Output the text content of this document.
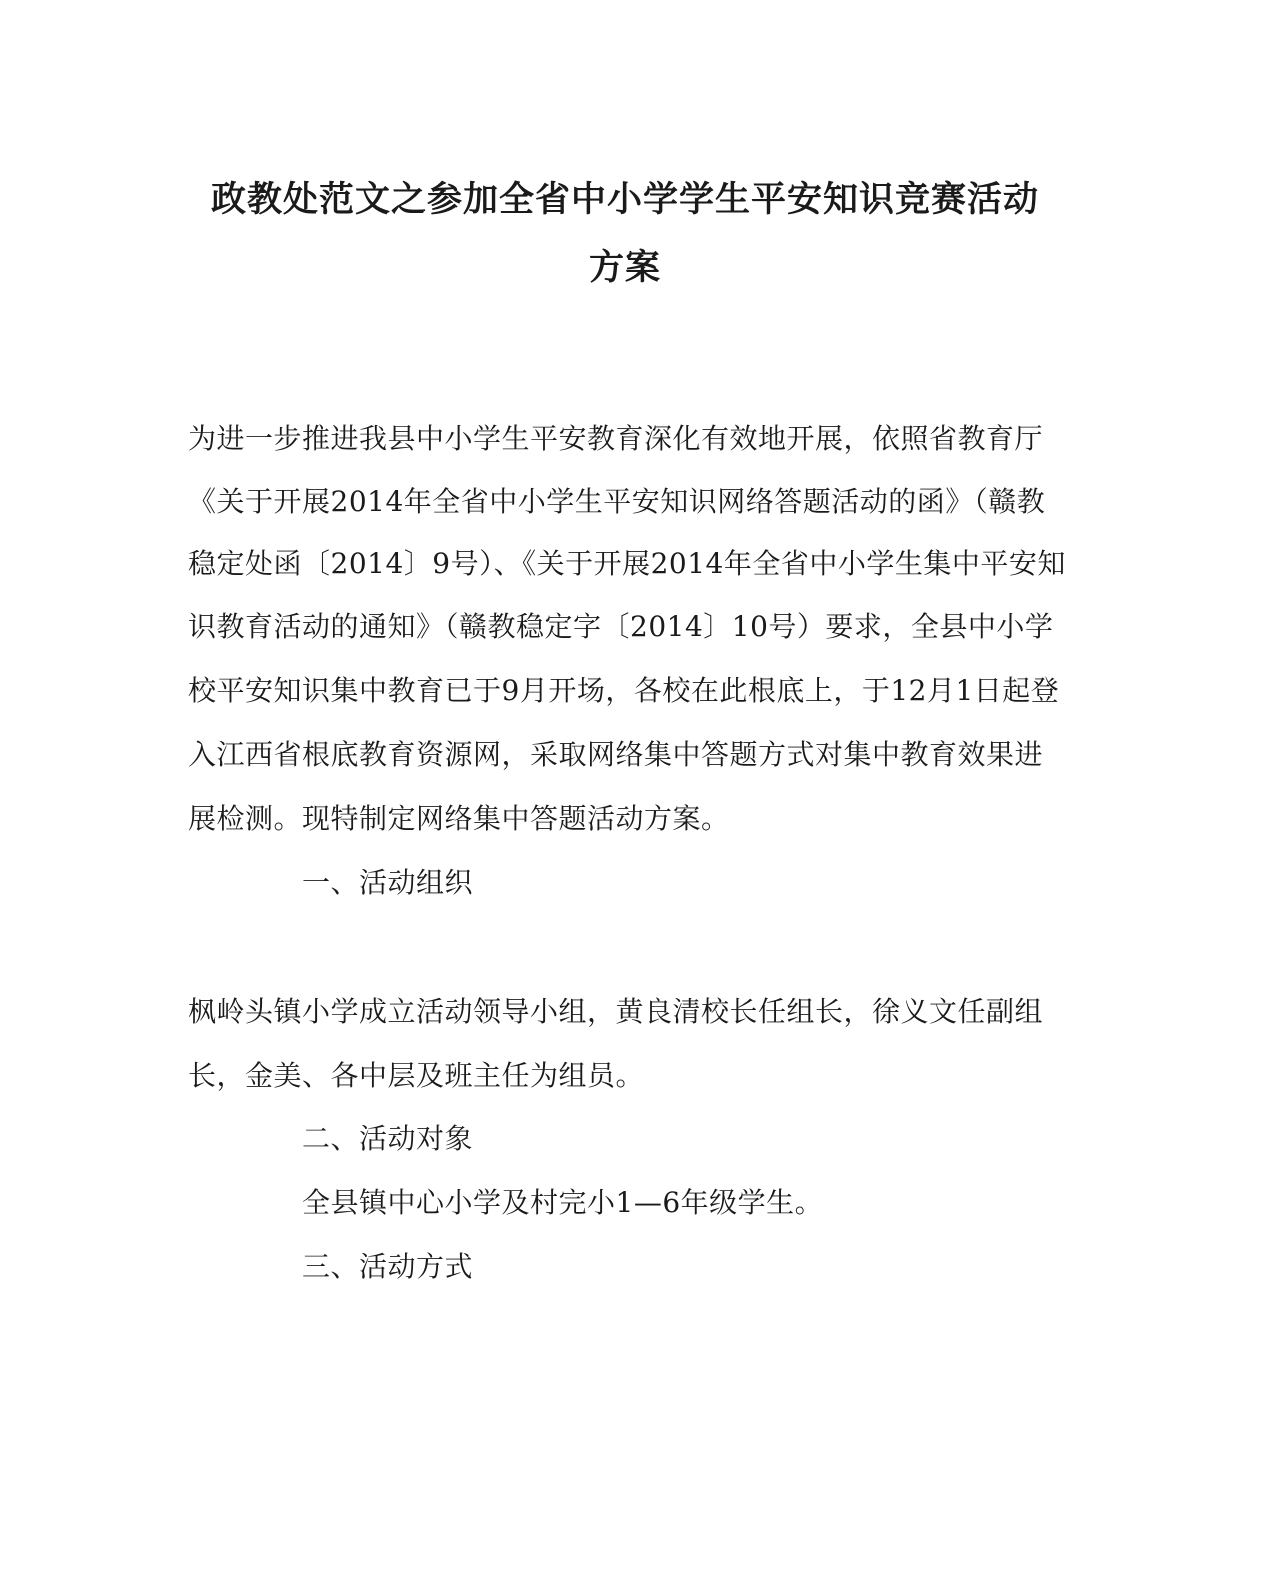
政教处范文之参加全省中小学学生平安知识竞赛活动
方案
为进一步推进我县中小学生平安教育深化有效地开展，依照省教育厅
《关于开展2014年全省中小学生平安知识网络答题活动的函》（赣教
稳定处函〔2014〕9号）、《关于开展2014年全省中小学生集中平安知
识教育活动的通知》（赣教稳定字〔2014〕10号）要求，全县中小学
校平安知识集中教育已于9月开场，各校在此根底上，于12月1日起登
入江西省根底教育资源网，采取网络集中答题方式对集中教育效果进
展检测。现特制定网络集中答题活动方案。
一、活动组织
枫岭头镇小学成立活动领导小组，黄良清校长任组长，徐义文任副组
长，金美、各中层及班主任为组员。
二、活动对象
全县镇中心小学及村完小1—6年级学生。
三、活动方式
